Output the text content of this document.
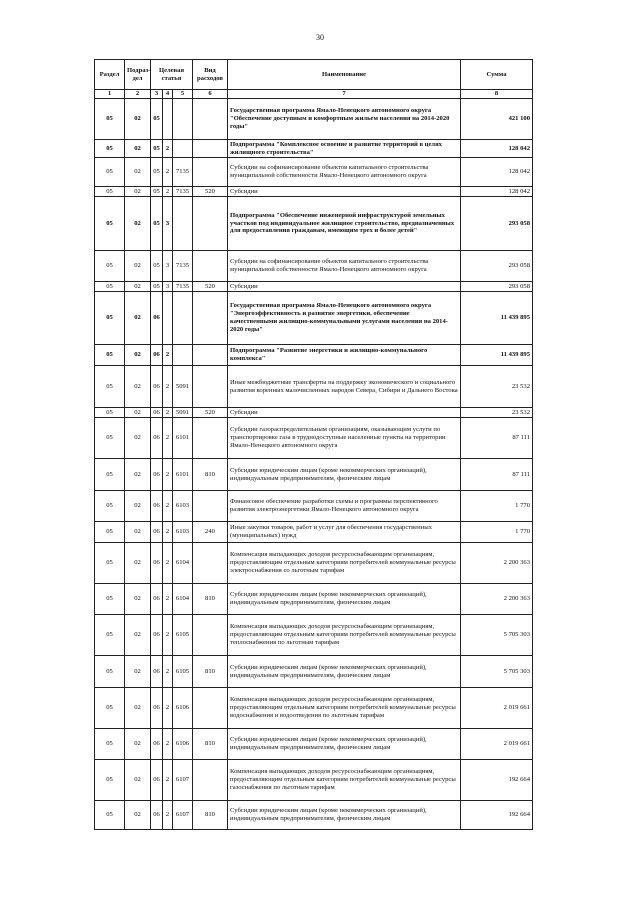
30
Раздел	Подраз-дел	Целевая статья			Вид расходов	Наименование	Сумма
1	2	3	4	5	6	7	8
05	02	05				Государственная программа Ямало-Ненецкого автономного округа "Обеспечение доступным и комфортным жильем населения на 2014-2020 годы"	421 100
05	02	05	2			Подпрограмма "Комплексное освоение и развитие территорий в целях жилищного строительства"	128 042
05	02	05	2	7135		Субсидии на софинансирование объектов капитального строительства муниципальной собственности Ямало-Ненецкого автономного округа	128 042
05	02	05	2	7135	520	Субсидии	128 042
05	02	05	3			Подпрограмма "Обеспечение инженерной инфраструктурой земельных участков под индивидуальное жилищное строительство, предназначенных для предоставления гражданам, имеющим трех и более детей"	293 058
05	02	05	3	7135		Субсидии на софинансирование объектов капитального строительства муниципальной собственности Ямало-Ненецкого автономного округа	293 058
05	02	05	3	7135	520	Субсидии	293 058
05	02	06				Государственная программа Ямало-Ненецкого автономного округа "Энергоэффективность и развитие энергетики, обеспечение качественными жилищно-коммунальными услугами населения на 2014-2020 годы"	11 439 895
05	02	06	2			Подпрограмма "Развитие энергетики и жилищно-коммунального комплекса"	11 439 895
05	02	06	2	5091		Иные межбюджетные трансферты на поддержку экономического и социального развития коренных малочисленных народов Севера, Сибири и Дальнего Востока	23 532
05	02	06	2	5091	520	Субсидии	23 532
05	02	06	2	6101		Субсидии газораспределительным организациям, оказывающим услуги по транспортировке газа в труднодоступные населенные пункты на территории Ямало-Ненецкого автономного округа	87 111
05	02	06	2	6101	810	Субсидии юридическим лицам (кроме некоммерческих организаций), индивидуальным предпринимателям, физическим лицам	87 111
05	02	06	2	6103		Финансовое обеспечение разработки схемы и программы перспективного развития электроэнергетики Ямало-Ненецкого автономного округа	1 770
05	02	06	2	6103	240	Иные закупки товаров, работ и услуг для обеспечения государственных (муниципальных) нужд	1 770
05	02	06	2	6104		Компенсация выпадающих доходов ресурсоснабжающим организациям, предоставляющим отдельным категориям потребителей коммунальные ресурсы электроснабжения со льготным тарифам	2 200 363
05	02	06	2	6104	810	Субсидии юридическим лицам (кроме некоммерческих организаций), индивидуальным предпринимателям, физическим лицам	2 200 363
05	02	06	2	6105		Компенсация выпадающих доходов ресурсоснабжающим организациям, предоставляющим отдельным категориям потребителей коммунальные ресурсы теплоснабжения по льготным тарифам	5 705 303
05	02	06	2	6105	810	Субсидии юридическим лицам (кроме некоммерческих организаций), индивидуальным предпринимателям, физическим лицам	5 705 303
05	02	06	2	6106		Компенсация выпадающих доходов ресурсоснабжающим организациям, предоставляющим отдельным категориям потребителей коммунальные ресурсы водоснабжения и водоотведения по льготным тарифам	2 019 661
05	02	06	2	6106	810	Субсидии юридическим лицам (кроме некоммерческих организаций), индивидуальным предпринимателям, физическим лицам	2 019 661
05	02	06	2	6107		Компенсация выпадающих доходов ресурсоснабжающим организациям, предоставляющим отдельным категориям потребителей коммунальные ресурсы газоснабжения по льготным тарифам	192 664
05	02	06	2	6107	810	Субсидии юридическим лицам (кроме некоммерческих организаций), индивидуальным предпринимателям, физическим лицам	192 664
